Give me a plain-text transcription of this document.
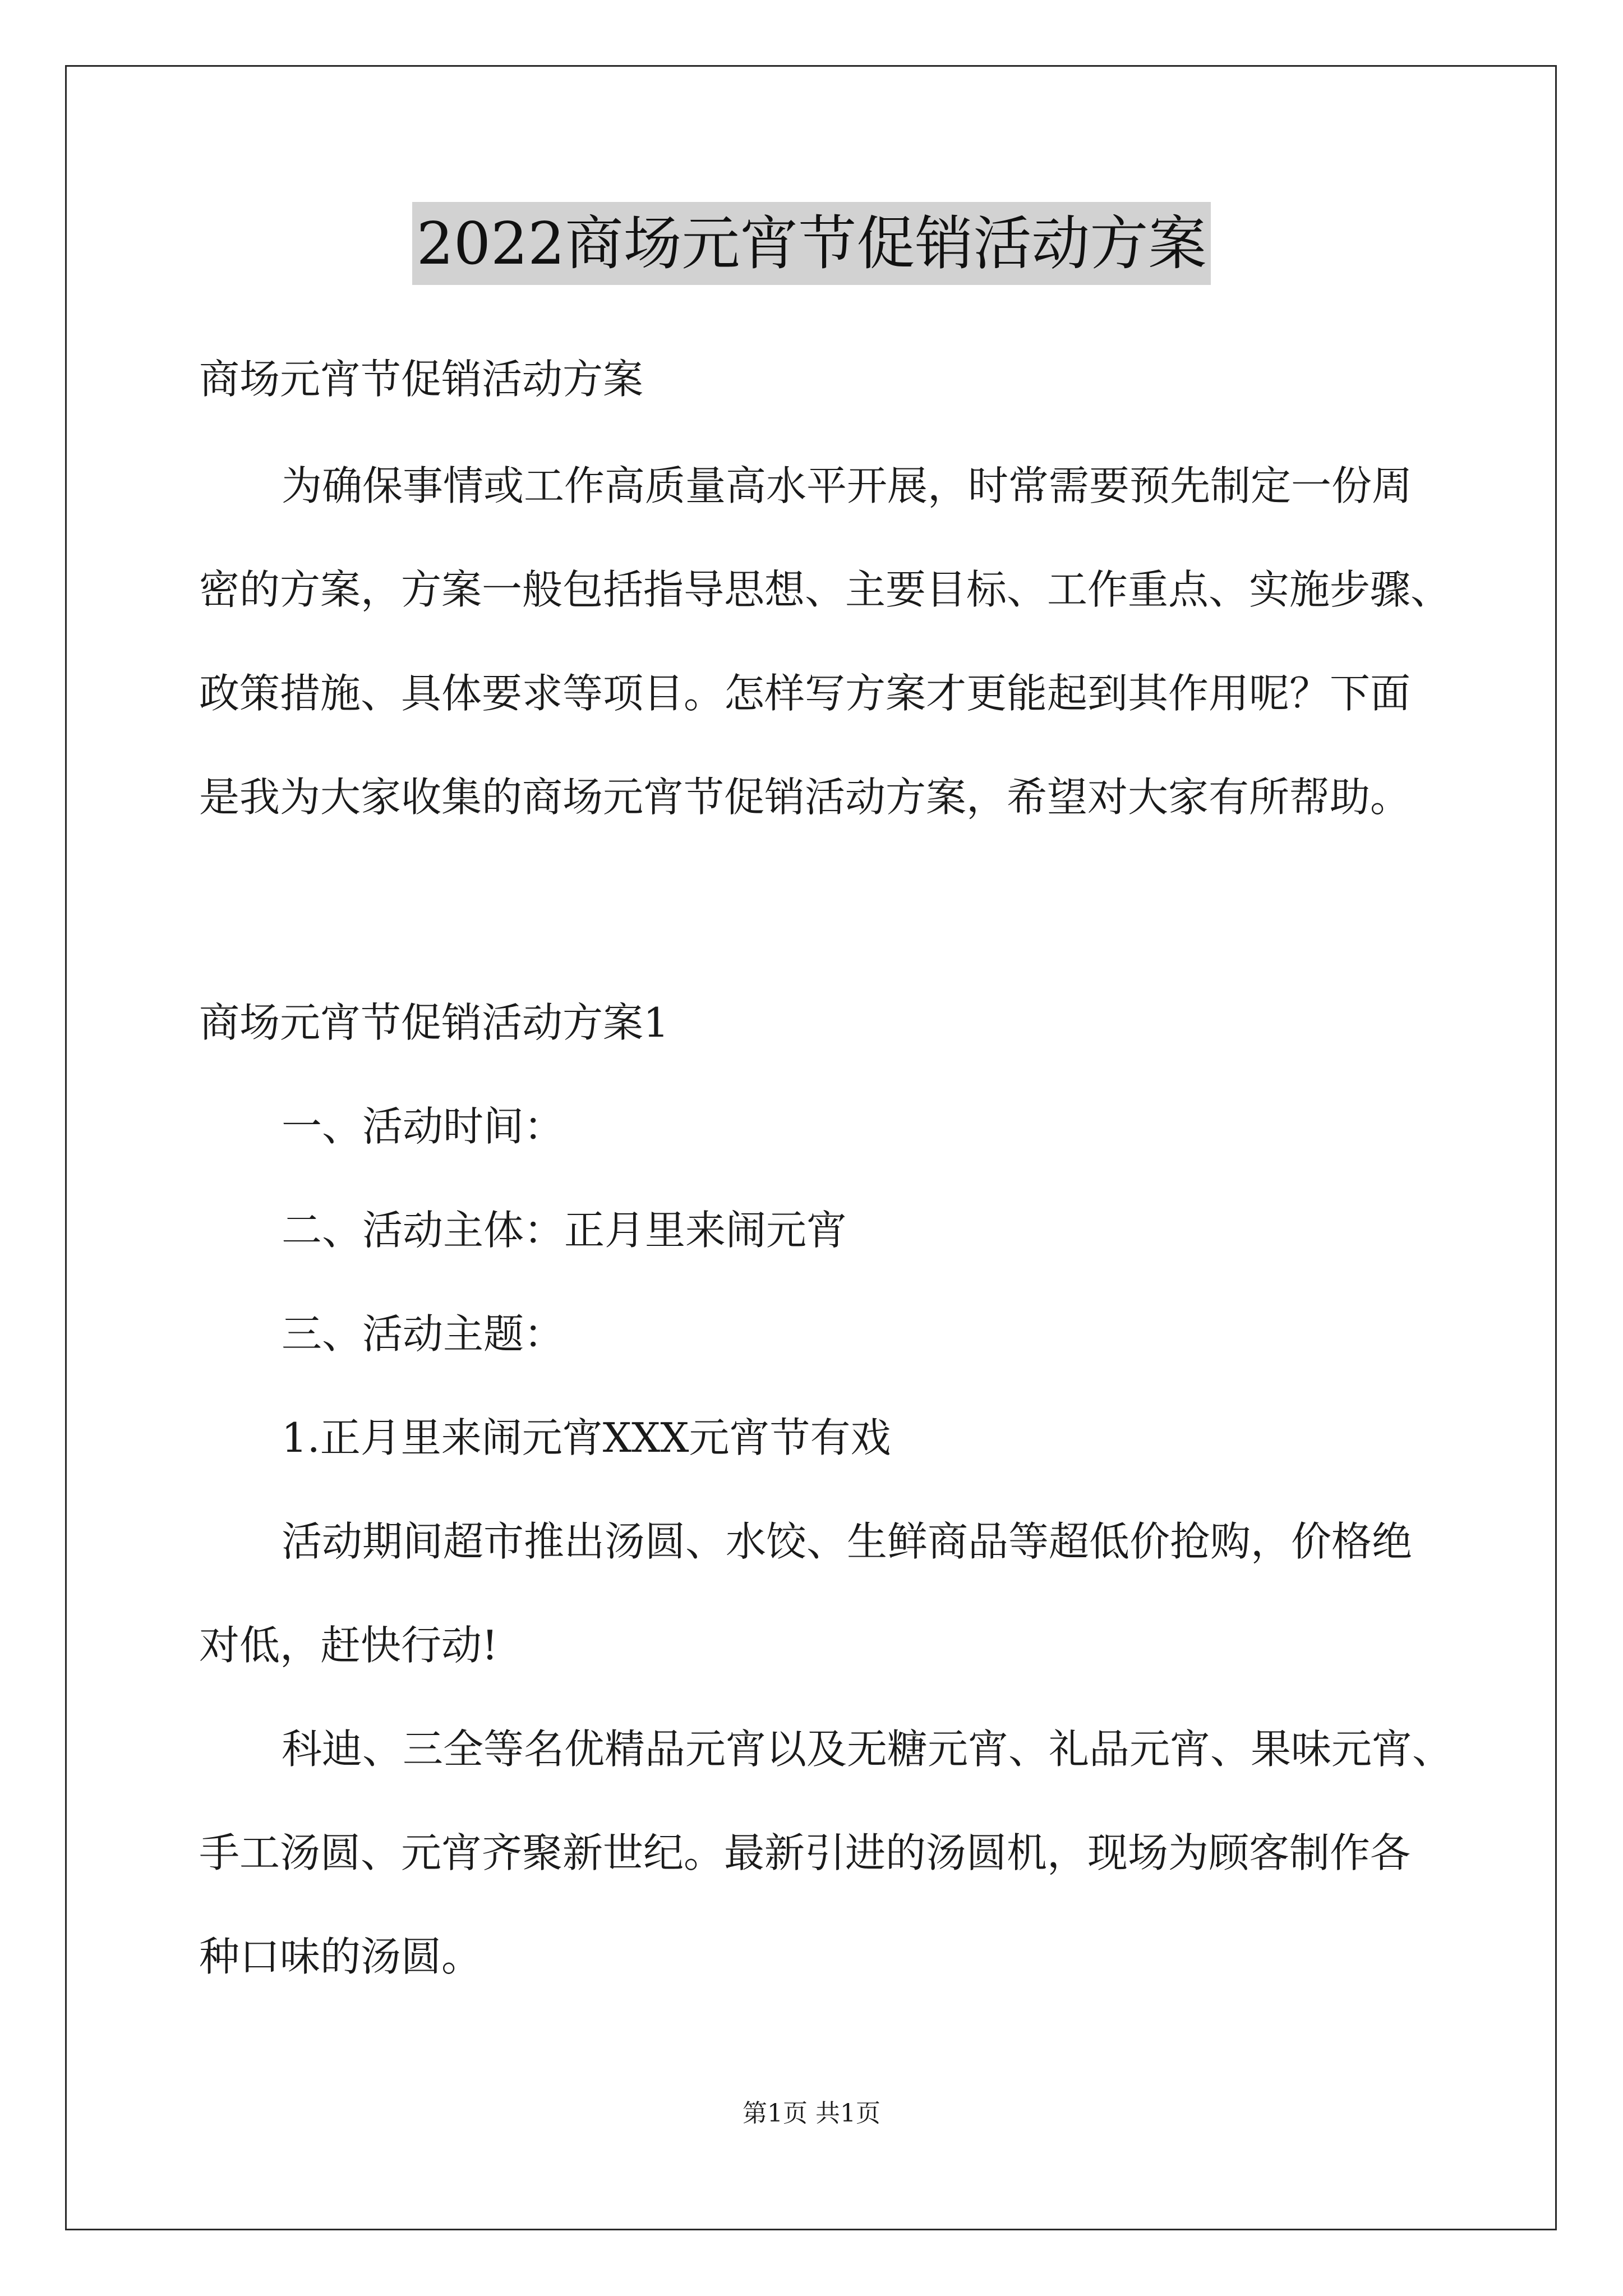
2022商场元宵节促销活动方案
商场元宵节促销活动方案
为确保事情或工作高质量高水平开展，时常需要预先制定一份周
密的方案，方案一般包括指导思想、主要目标、工作重点、实施步骤、
政策措施、具体要求等项目。怎样写方案才更能起到其作用呢？下面
是我为大家收集的商场元宵节促销活动方案，希望对大家有所帮助。
商场元宵节促销活动方案1
一、活动时间：
二、活动主体：正月里来闹元宵
三、活动主题：
1.正月里来闹元宵XXX元宵节有戏
活动期间超市推出汤圆、水饺、生鲜商品等超低价抢购，价格绝
对低，赶快行动!
科迪、三全等名优精品元宵以及无糖元宵、礼品元宵、果味元宵、
手工汤圆、元宵齐聚新世纪。最新引进的汤圆机，现场为顾客制作各
种口味的汤圆。
第1页 共1页
